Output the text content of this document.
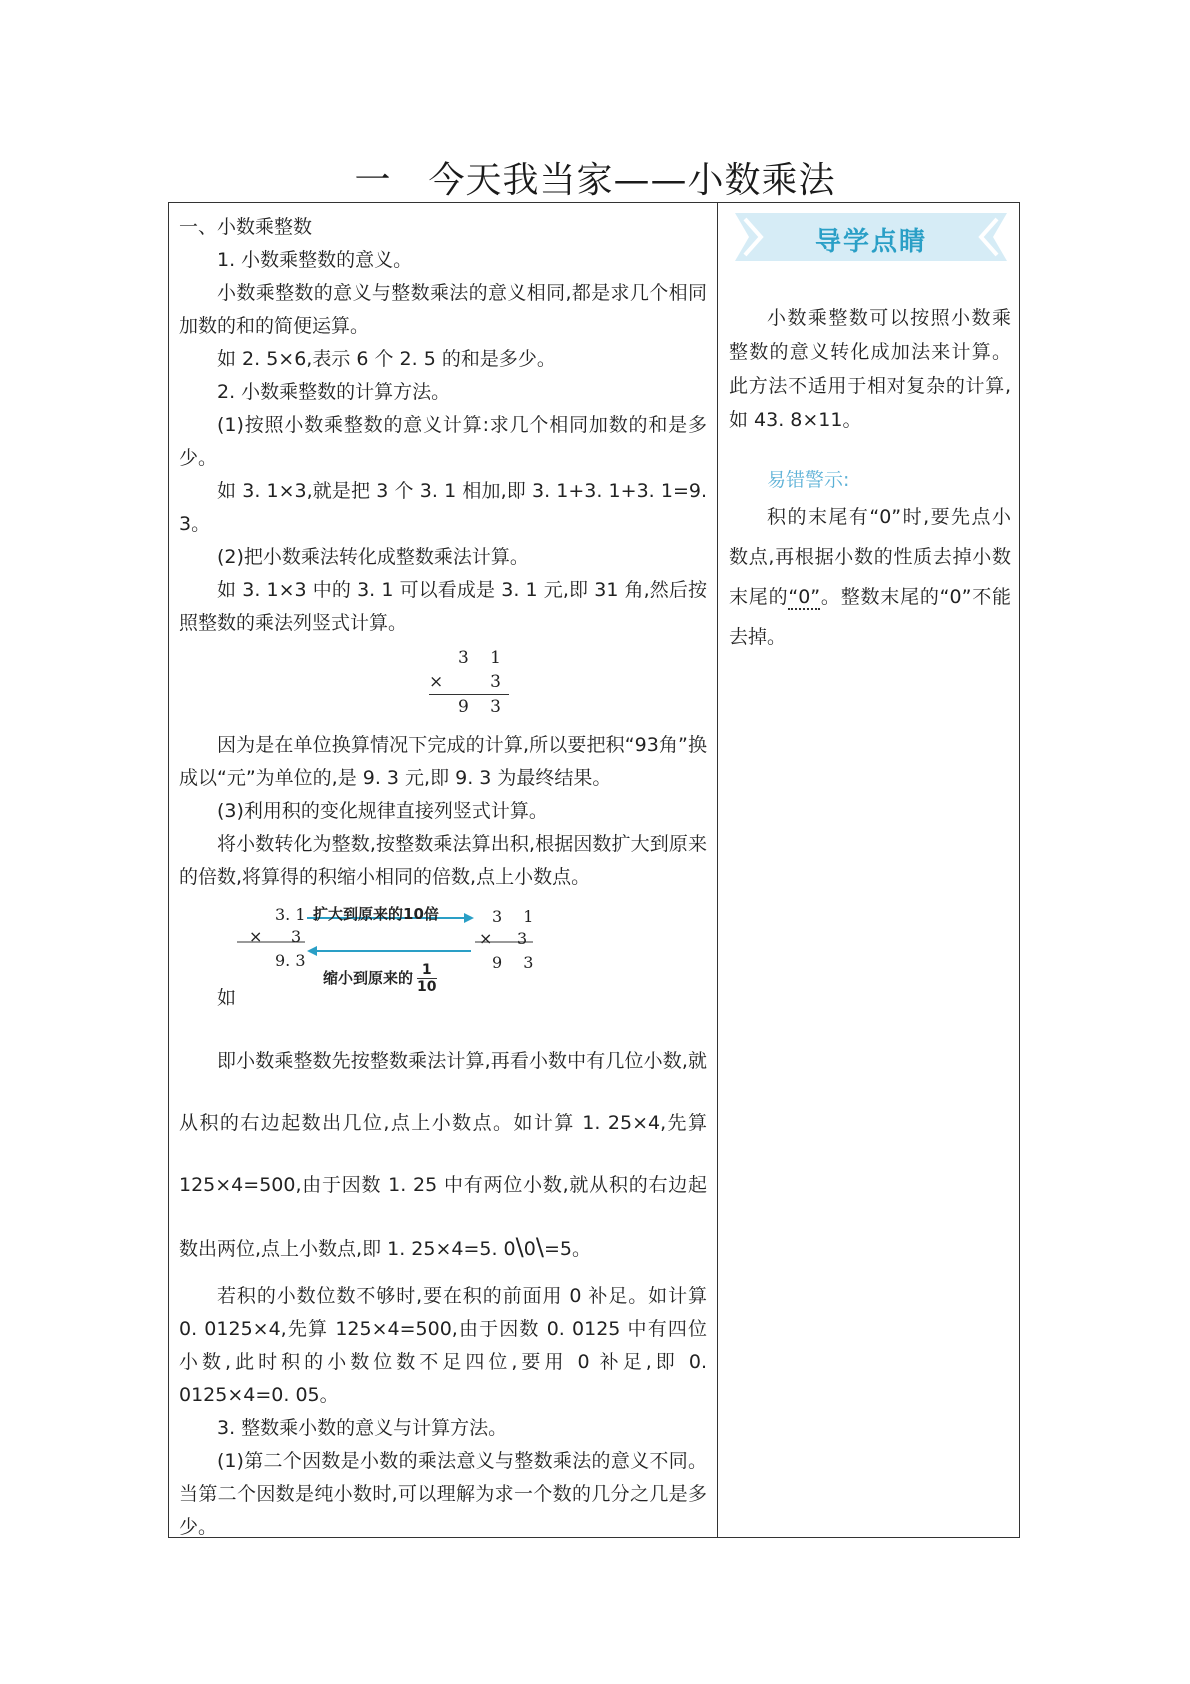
一　今天我当家——小数乘法

一、小数乘整数

1. 小数乘整数的意义。

小数乘整数的意义与整数乘法的意义相同,都是求几个相同加数的和的简便运算。

如 2. 5×6,表示 6 个 2. 5 的和是多少。

2. 小数乘整数的计算方法。

(1)按照小数乘整数的意义计算:求几个相同加数的和是多少。

如 3. 1×3,就是把 3 个 3. 1 相加,即 3. 1+3. 1+3. 1=9. 3。

(2)把小数乘法转化成整数乘法计算。

如 3. 1×3 中的 3. 1 可以看成是 3. 1 元,即 31 角,然后按照整数的乘法列竖式计算。

3 1
× 3
9 3

因为是在单位换算情况下完成的计算,所以要把积“93角”换成以“元”为单位的,是 9. 3 元,即 9. 3 为最终结果。

(3)利用积的变化规律直接列竖式计算。

将小数转化为整数,按整数乘法算出积,根据因数扩大到原来的倍数,将算得的积缩小相同的倍数,点上小数点。

3. 1
× 3
9. 3
3 1
× 3
9 3
扩大到原来的10倍
缩小到原来的 $\frac{1}{10}$
如

即小数乘整数先按整数乘法计算,再看小数中有几位小数,就从积的右边起数出几位,点上小数点。如计算 1. 25×4,先算 125×4=500,由于因数 1. 25 中有两位小数,就从积的右边起数出两位,点上小数点,即 1. 25×4=5. 0\0\=5。

若积的小数位数不够时,要在积的前面用 0 补足。如计算 0. 0125×4,先算 125×4=500,由于因数 0. 0125 中有四位小数,此时积的小数位数不足四位,要用 0 补足,即 0. 0125×4=0. 05。

3. 整数乘小数的意义与计算方法。

(1)第二个因数是小数的乘法意义与整数乘法的意义不同。当第二个因数是纯小数时,可以理解为求一个数的几分之几是多少。

导学点睛

小数乘整数可以按照小数乘整数的意义转化成加法来计算。此方法不适用于相对复杂的计算,如 43. 8×11。

易错警示:

积的末尾有“0”时,要先点小数点,再根据小数的性质去掉小数末尾的“0”。整数末尾的“0”不能去掉。
